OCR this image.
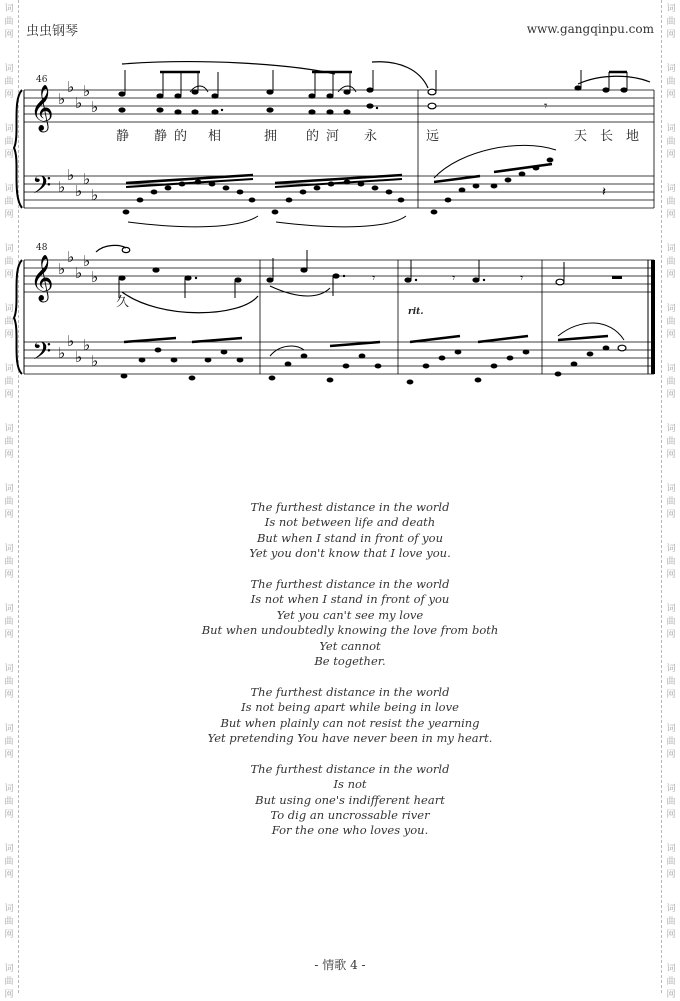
词
曲
网
词
曲
网
词
曲
网
词
曲
网
词
曲
网
词
曲
网
词
曲
网
词
曲
网
词
曲
网
词
曲
网
词
曲
网
词
曲
网
词
曲
网
词
曲
网
词
曲
网
词
曲
网
词
曲
网
词
曲
网
词
曲
网
词
曲
网
词
曲
网
词
曲
网
词
曲
网
词
曲
网
词
曲
网
词
曲
网
词
曲
网
词
曲
网
词
曲
网
词
曲
网
词
曲
网
词
曲
网
词
曲
网
词
曲
网
虫虫钢琴	www.gangqinpu.com
𝄞
𝄢
♭
♭
♭
♭
♭
♭
♭
♭
♭
♭
𝄾
𝄽
𝄞
𝄢
♭
♭
♭
♭
♭
♭
♭
♭
♭
♭
𝄾	𝄾	𝄾
46
48
静 静 的 相	拥 的 河 永	远	天 长 地
久
rit.
The furthest distance in the world
Is not between life and death
But when I stand in front of you
Yet you don't know that I love you.
The furthest distance in the world
Is not when I stand in front of you
Yet you can't see my love
But when undoubtedly knowing the love from both
Yet cannot
Be together.
The furthest distance in the world
Is not being apart while being in love
But when plainly can not resist the yearning
Yet pretending You have never been in my heart.
The furthest distance in the world
Is not
But using one's indifferent heart
To dig an uncrossable river
For the one who loves you.
- 情歌 4 -
